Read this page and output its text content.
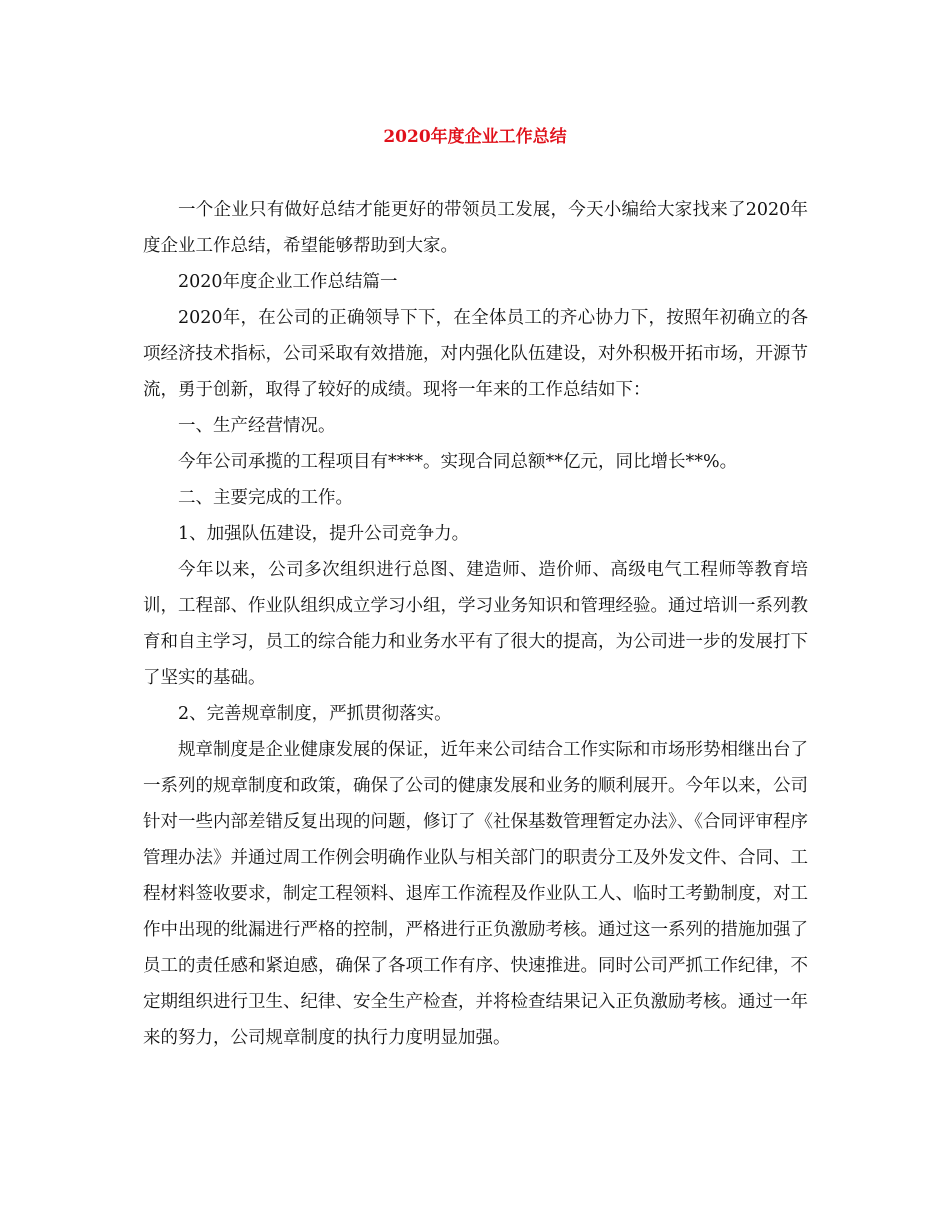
2020年度企业工作总结

一个企业只有做好总结才能更好的带领员工发展，今天小编给大家找来了2020年度企业工作总结，希望能够帮助到大家。

2020年度企业工作总结篇一

2020年，在公司的正确领导下下，在全体员工的齐心协力下，按照年初确立的各项经济技术指标，公司采取有效措施，对内强化队伍建设，对外积极开拓市场，开源节流，勇于创新，取得了较好的成绩。现将一年来的工作总结如下：

一、生产经营情况。

今年公司承揽的工程项目有****。实现合同总额**亿元，同比增长**%。

二、主要完成的工作。

1、加强队伍建设，提升公司竞争力。

今年以来，公司多次组织进行总图、建造师、造价师、高级电气工程师等教育培训，工程部、作业队组织成立学习小组，学习业务知识和管理经验。通过培训一系列教育和自主学习，员工的综合能力和业务水平有了很大的提高，为公司进一步的发展打下了坚实的基础。

2、完善规章制度，严抓贯彻落实。

规章制度是企业健康发展的保证，近年来公司结合工作实际和市场形势相继出台了一系列的规章制度和政策，确保了公司的健康发展和业务的顺利展开。今年以来，公司针对一些内部差错反复出现的问题，修订了《社保基数管理暂定办法》、《合同评审程序管理办法》并通过周工作例会明确作业队与相关部门的职责分工及外发文件、合同、工程材料签收要求，制定工程领料、退库工作流程及作业队工人、临时工考勤制度，对工作中出现的纰漏进行严格的控制，严格进行正负激励考核。通过这一系列的措施加强了员工的责任感和紧迫感，确保了各项工作有序、快速推进。同时公司严抓工作纪律，不定期组织进行卫生、纪律、安全生产检查，并将检查结果记入正负激励考核。通过一年来的努力，公司规章制度的执行力度明显加强。
